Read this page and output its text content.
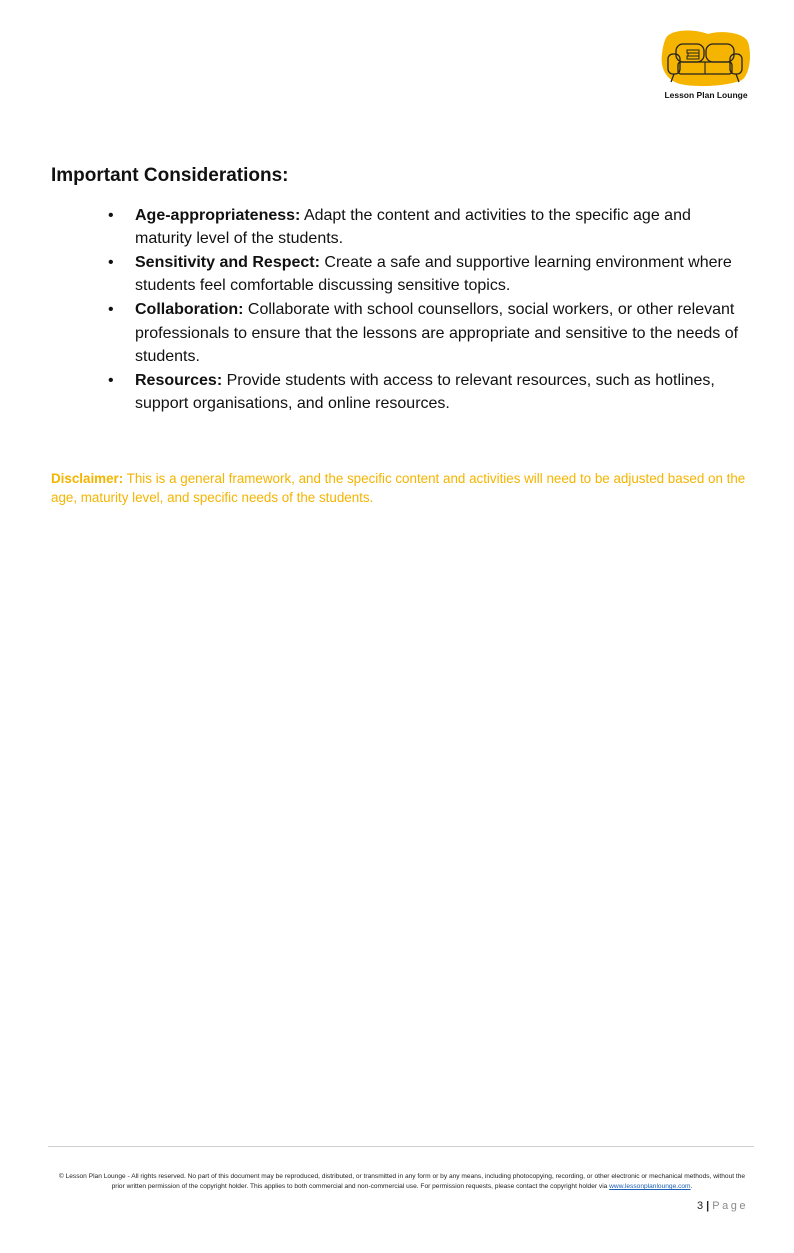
Lesson Plan Lounge
Important Considerations:
• Age-appropriateness: Adapt the content and activities to the specific age and maturity level of the students.
• Sensitivity and Respect: Create a safe and supportive learning environment where students feel comfortable discussing sensitive topics.
• Collaboration: Collaborate with school counsellors, social workers, or other relevant professionals to ensure that the lessons are appropriate and sensitive to the needs of students.
• Resources: Provide students with access to relevant resources, such as hotlines, support organisations, and online resources.

Disclaimer: This is a general framework, and the specific content and activities will need to be adjusted based on the age, maturity level, and specific needs of the students.

© Lesson Plan Lounge - All rights reserved. No part of this document may be reproduced, distributed, or transmitted in any form or by any means, including photocopying, recording, or other electronic or mechanical methods, without the prior written permission of the copyright holder. This applies to both commercial and non-commercial use. For permission requests, please contact the copyright holder via www.lessonplanlounge.com.
3 | Page
